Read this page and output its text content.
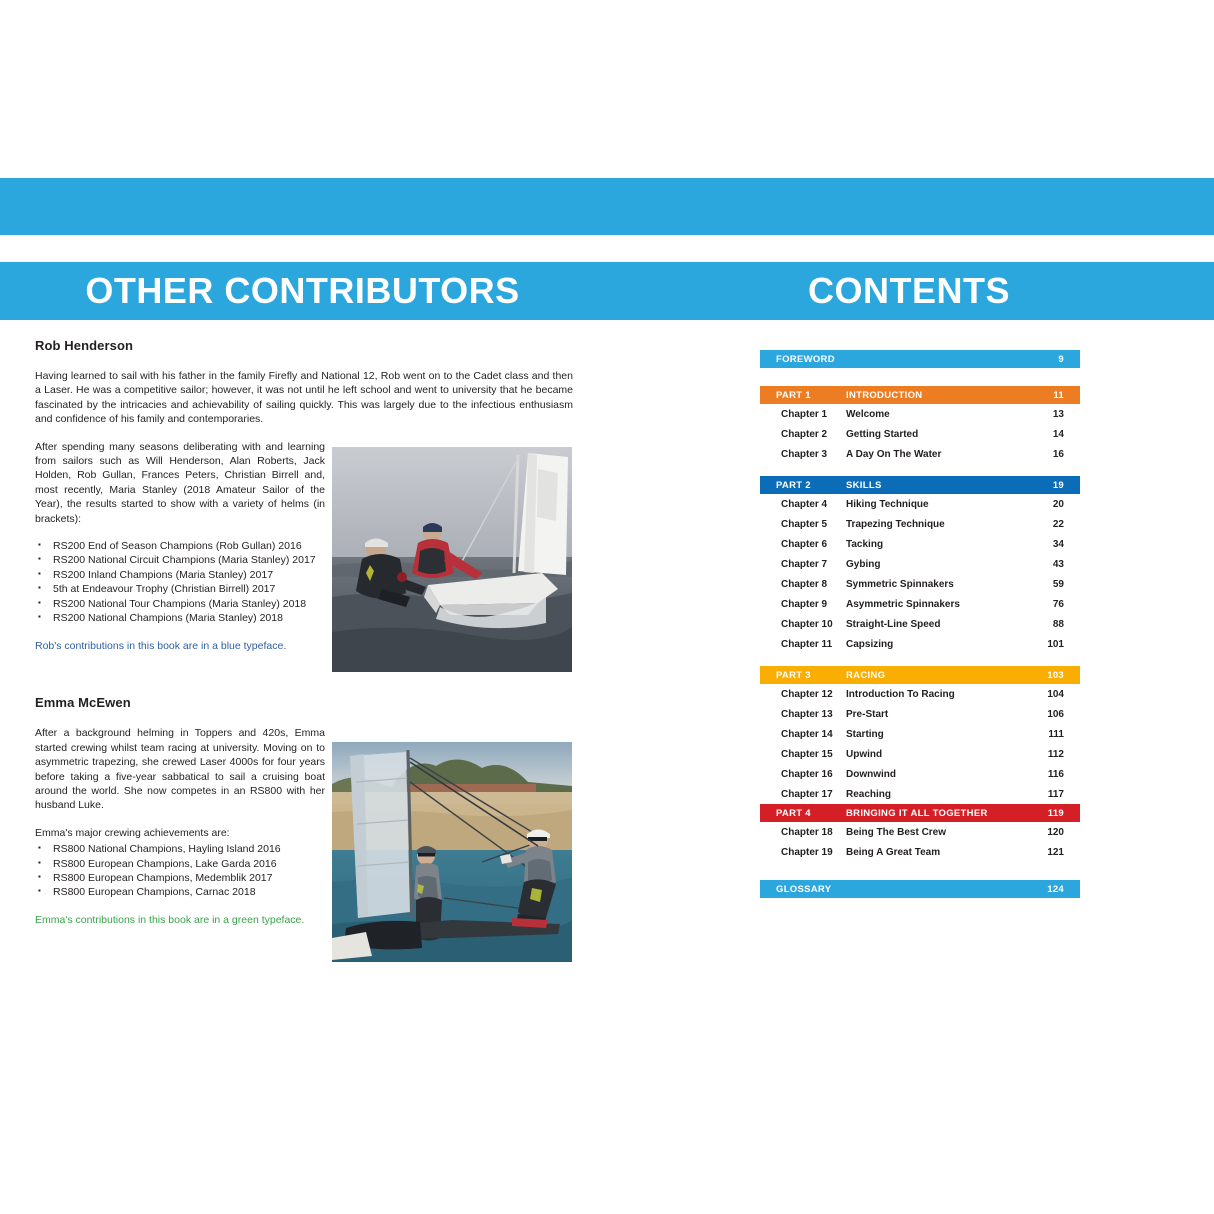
OTHER CONTRIBUTORS	CONTENTS
Rob Henderson

Having learned to sail with his father in the family Firefly and National 12, Rob went on to the Cadet class and then a Laser. He was a competitive sailor; however, it was not until he left school and went to university that he became fascinated by the intricacies and achievability of sailing quickly. This was largely due to the infectious enthusiasm and confidence of his family and contemporaries.

After spending many seasons deliberating with and learning from sailors such as Will Henderson, Alan Roberts, Jack Holden, Rob Gullan, Frances Peters, Christian Birrell and, most recently, Maria Stanley (2018 Amateur Sailor of the Year), the results started to show with a variety of helms (in brackets):

▪ RS200 End of Season Champions (Rob Gullan) 2016
▪ RS200 National Circuit Champions (Maria Stanley) 2017
▪ RS200 Inland Champions (Maria Stanley) 2017
▪ 5th at Endeavour Trophy (Christian Birrell) 2017
▪ RS200 National Tour Champions (Maria Stanley) 2018
▪ RS200 National Champions (Maria Stanley) 2018

Rob's contributions in this book are in a blue typeface.

Emma McEwen

After a background helming in Toppers and 420s, Emma started crewing whilst team racing at university. Moving on to asymmetric trapezing, she crewed Laser 4000s for four years before taking a five-year sabbatical to sail a cruising boat around the world. She now competes in an RS800 with her husband Luke.

Emma's major crewing achievements are:

▪ RS800 National Champions, Hayling Island 2016
▪ RS800 European Champions, Lake Garda 2016
▪ RS800 European Champions, Medemblik 2017
▪ RS800 European Champions, Carnac 2018

Emma's contributions in this book are in a green typeface.

FOREWORD	9
PART 1	INTRODUCTION	11
Chapter 1	Welcome	13
Chapter 2	Getting Started	14
Chapter 3	A Day On The Water	16
PART 2	SKILLS	19
Chapter 4	Hiking Technique	20
Chapter 5	Trapezing Technique	22
Chapter 6	Tacking	34
Chapter 7	Gybing	43
Chapter 8	Symmetric Spinnakers	59
Chapter 9	Asymmetric Spinnakers	76
Chapter 10	Straight-Line Speed	88
Chapter 11	Capsizing	101
PART 3	RACING	103
Chapter 12	Introduction To Racing	104
Chapter 13	Pre-Start	106
Chapter 14	Starting	111
Chapter 15	Upwind	112
Chapter 16	Downwind	116
Chapter 17	Reaching	117
PART 4	BRINGING IT ALL TOGETHER	119
Chapter 18	Being The Best Crew	120
Chapter 19	Being A Great Team	121
GLOSSARY	124
